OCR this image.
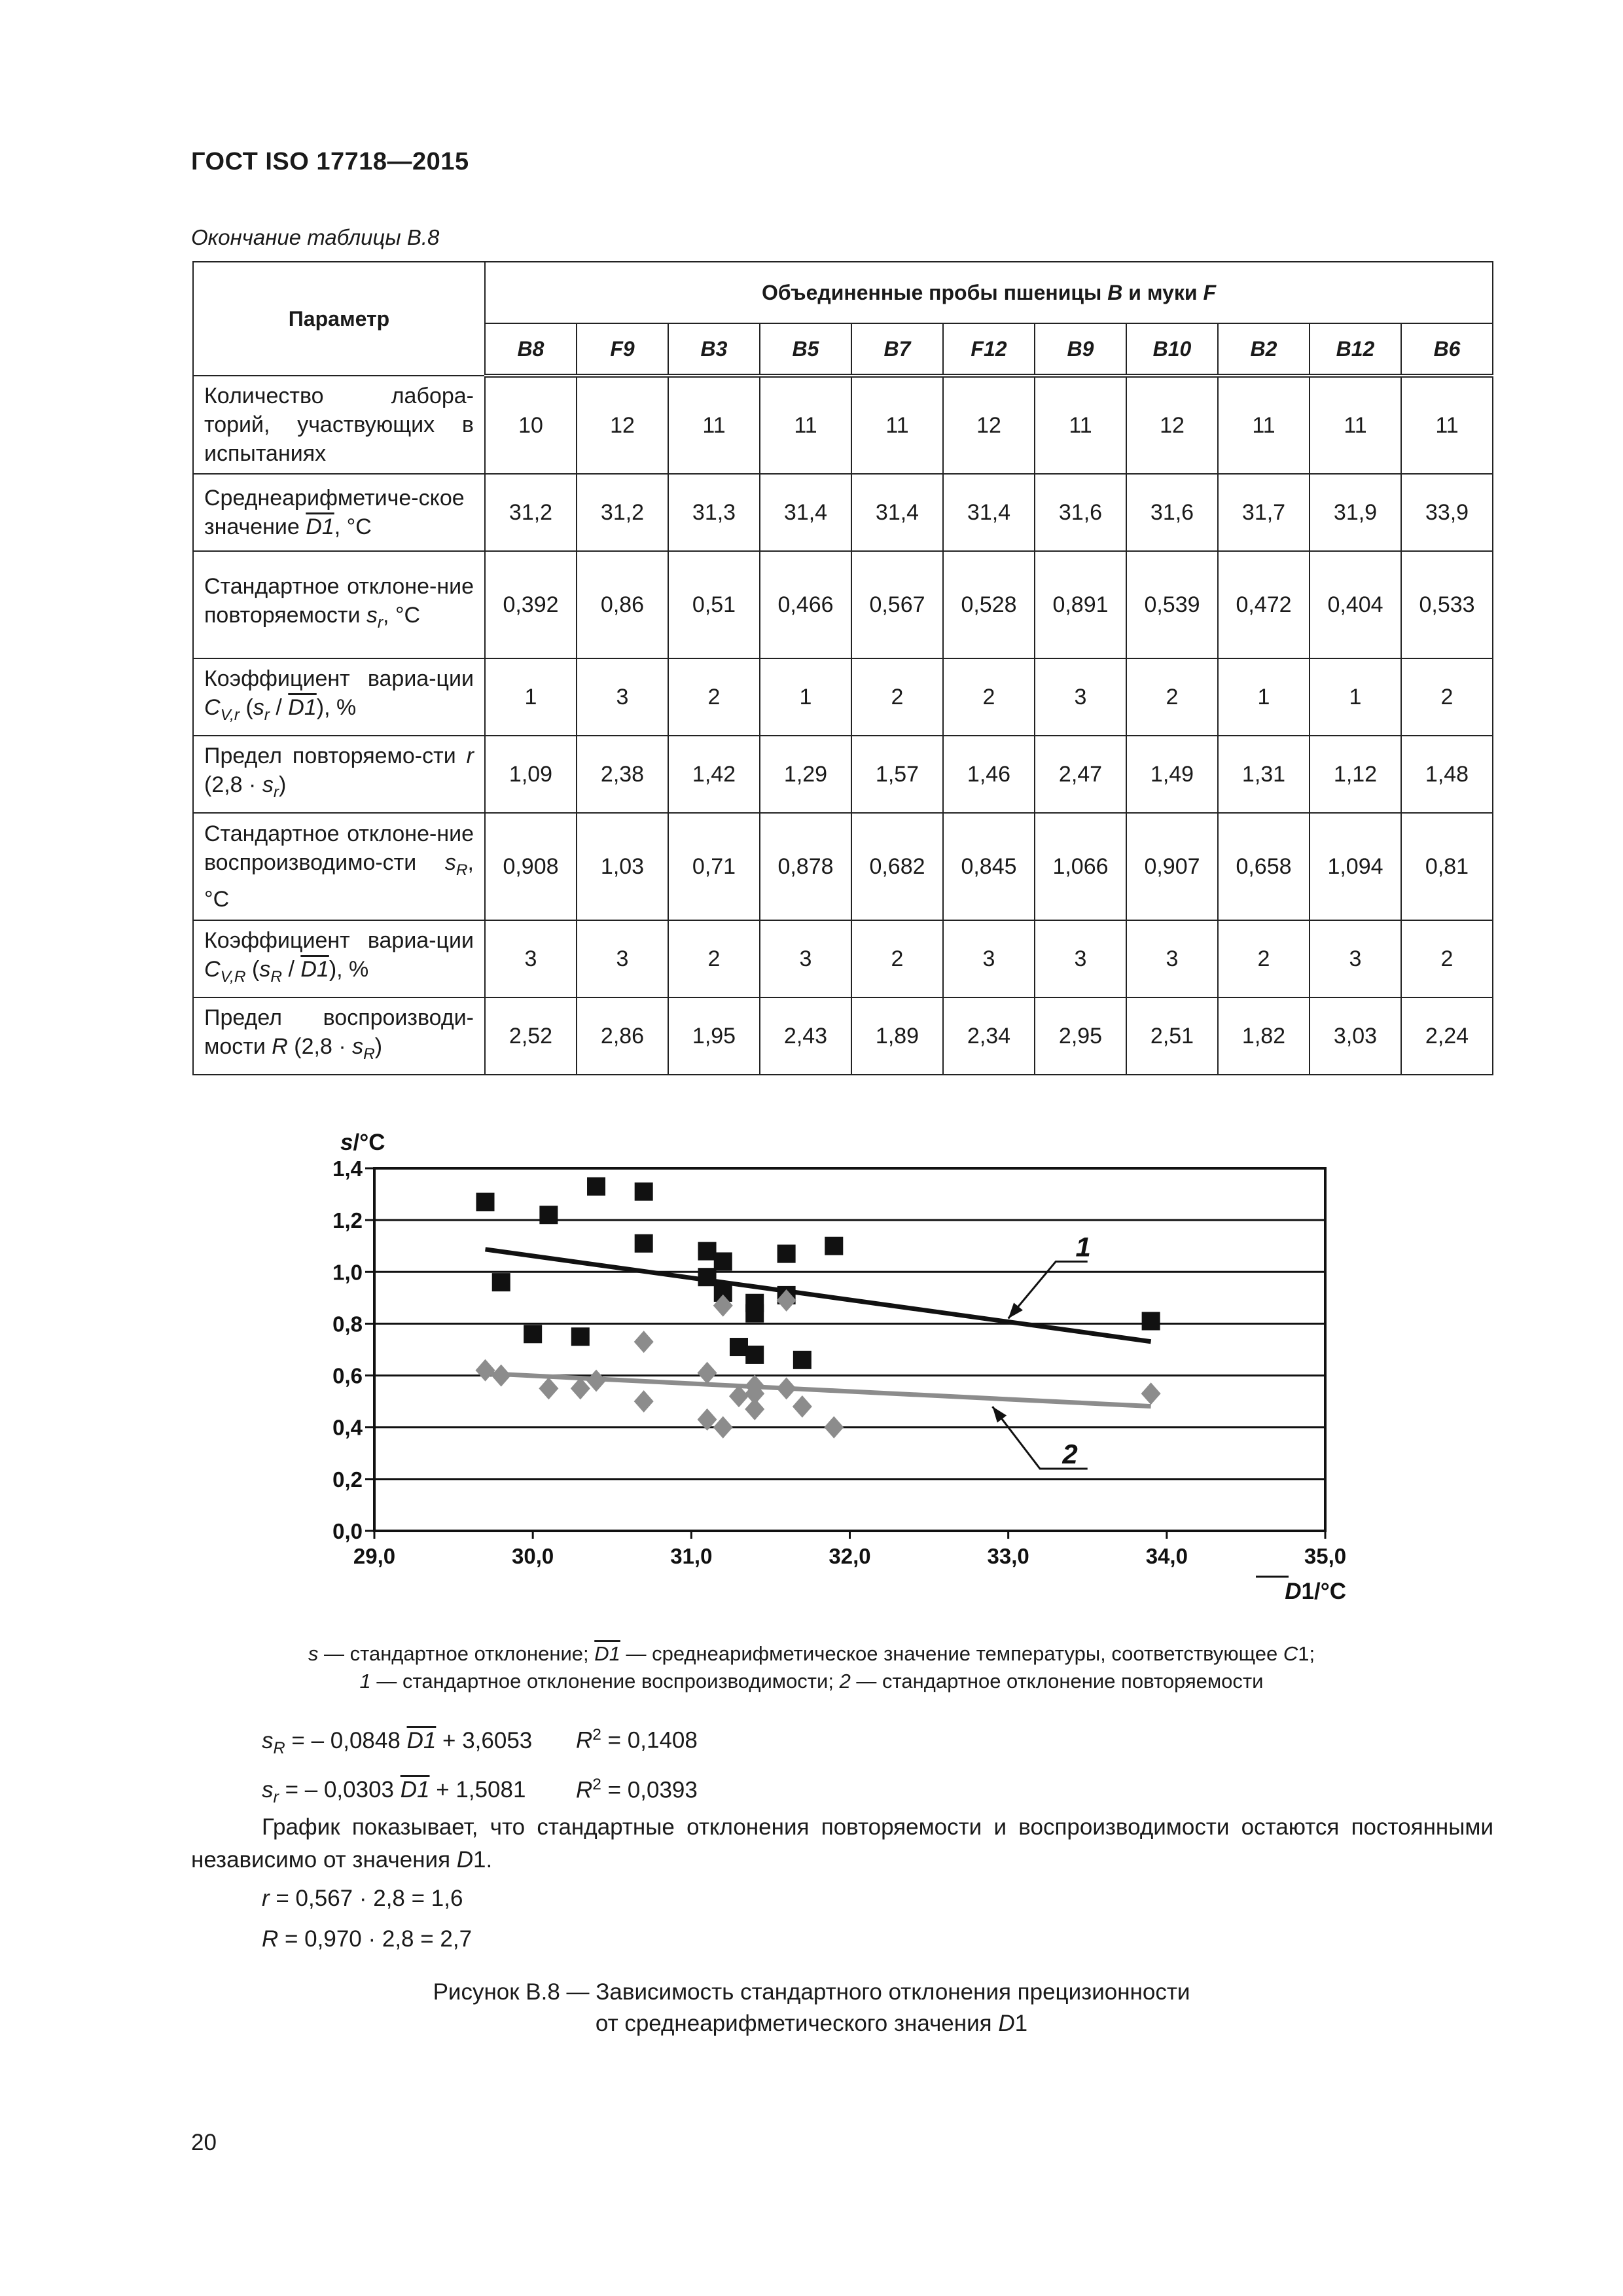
ГОСТ ISO 17718—2015
Окончание таблицы В.8
Параметр	Объединенные пробы пшеницы B и муки F										
	B8	F9	B3	B5	B7	F12	B9	B10	B2	B12	B6
Количество лабора-торий, участвующих в испытаниях	10	12	11	11	11	12	11	12	11	11	11
Среднеарифметиче-ское значение D1, °C	31,2	31,2	31,3	31,4	31,4	31,4	31,6	31,6	31,7	31,9	33,9
Стандартное отклоне-ние повторяемости $s_r$, °C	0,392	0,86	0,51	0,466	0,567	0,528	0,891	0,539	0,472	0,404	0,533
Коэффициент вариа-ции $C_{V,r}$ $(s_r / D1)$, %	1	3	2	1	2	2	3	2	1	1	2
Предел повторяемо-сти r $(2,8 \cdot s_r)$	1,09	2,38	1,42	1,29	1,57	1,46	2,47	1,49	1,31	1,12	1,48
Стандартное отклоне-ние воспроизводимо-сти $s_R$, °C	0,908	1,03	0,71	0,878	0,682	0,845	1,066	0,907	0,658	1,094	0,81
Коэффициент вариа-ции $C_{V,R}$ $(s_R / D1)$, %	3	3	2	3	2	3	3	3	2	3	2
Предел воспроизводи-мости R $(2,8 \cdot s_R)$	2,52	2,86	1,95	2,43	1,89	2,34	2,95	2,51	1,82	3,03	2,24
0,0
0,2
0,4
0,6
0,8
1,0
1,2
1,4
29,0	30,0	31,0	32,0	33,0	34,0	35,0
s/°C
D1/°C
1
2
s — стандартное отклонение; D1 — среднеарифметическое значение температуры, соответствующее C1;
1 — стандартное отклонение воспроизводимости; 2 — стандартное отклонение повторяемости
$s_R$ = – 0,0848 D1 + 3,6053 $R^2 = 0,1408$
$s_r$ = – 0,0303 D1 + 1,5081 $R^2 = 0,0393$
График показывает, что стандартные отклонения повторяемости и воспроизводимости остаются постоянными независимо от значения D1.
r = 0,567 · 2,8 = 1,6
R = 0,970 · 2,8 = 2,7
Рисунок В.8 — Зависимость стандартного отклонения прецизионности
от среднеарифметического значения D1
20
